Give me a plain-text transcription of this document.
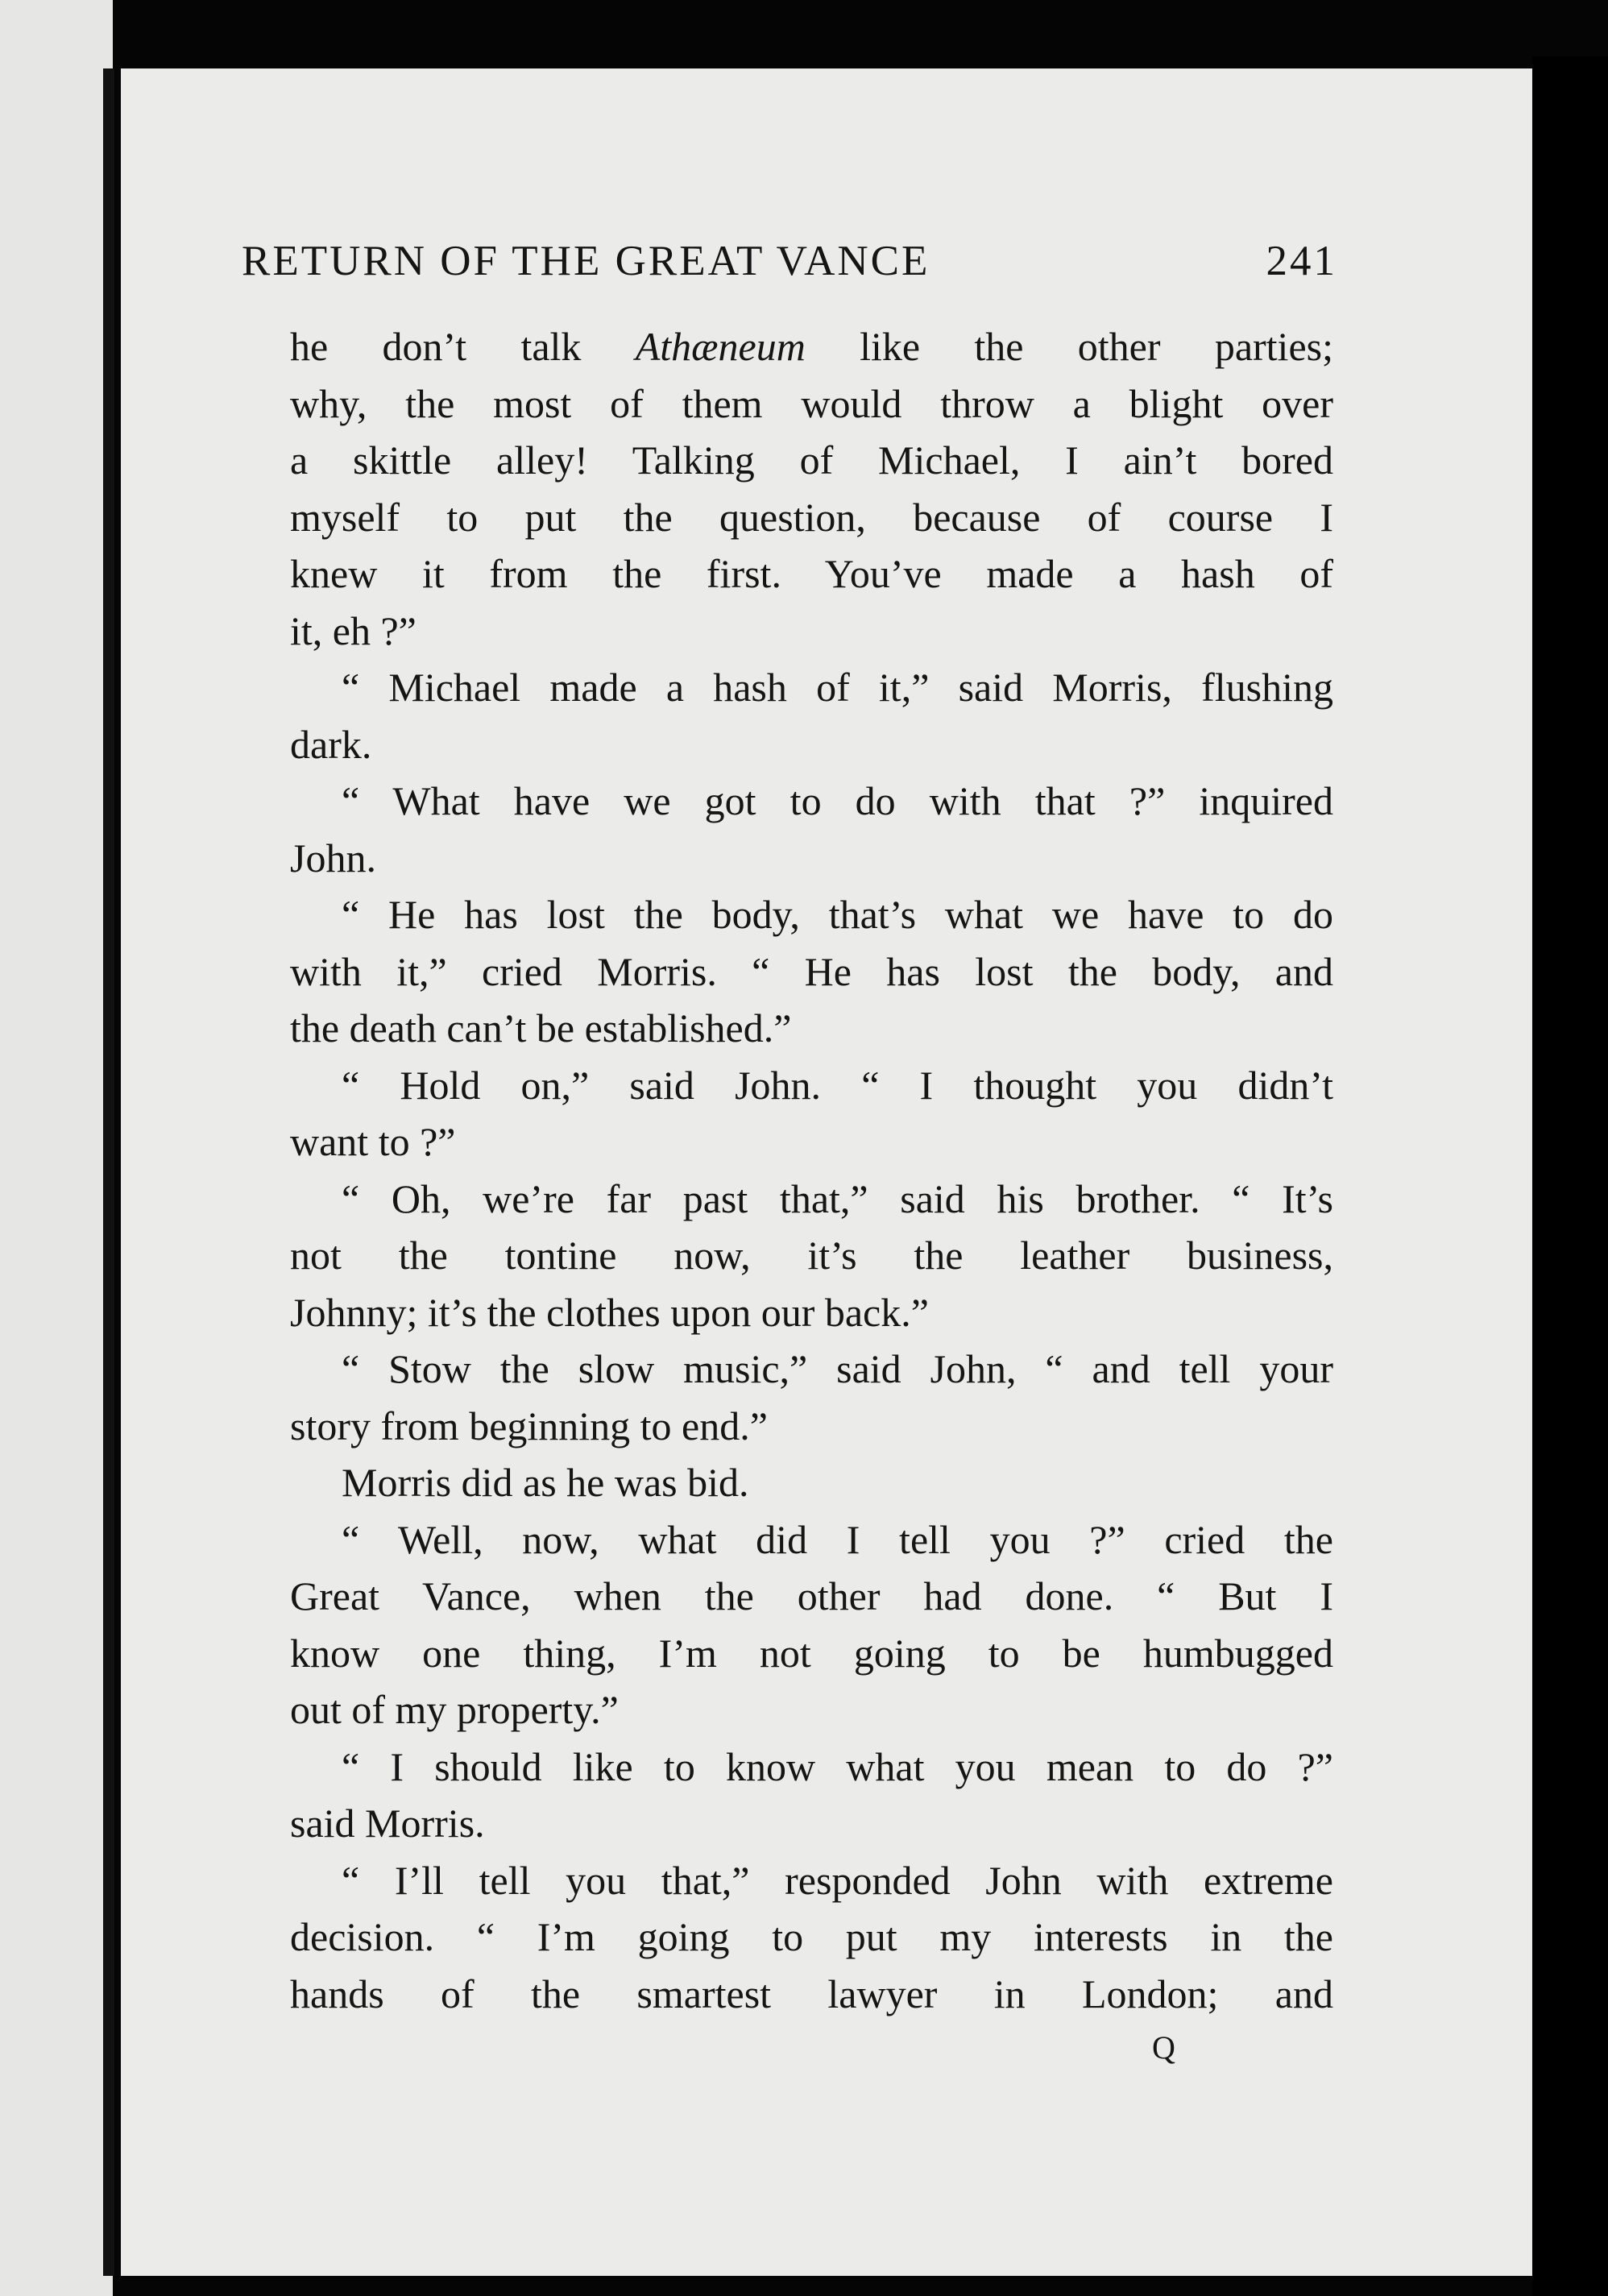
RETURN OF THE GREAT VANCE	241
he don’t talk Athæneum like the other parties;
why, the most of them would throw a blight over
a skittle alley! Talking of Michael, I ain’t bored
myself to put the question, because of course I
knew it from the first. You’ve made a hash of
it, eh ?”
“ Michael made a hash of it,” said Morris, flushing
dark.
“ What have we got to do with that ?” inquired
John.
“ He has lost the body, that’s what we have to do
with it,” cried Morris. “ He has lost the body, and
the death can’t be established.”
“ Hold on,” said John. “ I thought you didn’t
want to ?”
“ Oh, we’re far past that,” said his brother. “ It’s
not the tontine now, it’s the leather business,
Johnny; it’s the clothes upon our back.”
“ Stow the slow music,” said John, “ and tell your
story from beginning to end.”
Morris did as he was bid.
“ Well, now, what did I tell you ?” cried the
Great Vance, when the other had done. “ But I
know one thing, I’m not going to be humbugged
out of my property.”
“ I should like to know what you mean to do ?”
said Morris.
“ I’ll tell you that,” responded John with extreme
decision. “ I’m going to put my interests in the
hands of the smartest lawyer in London; and
Q
